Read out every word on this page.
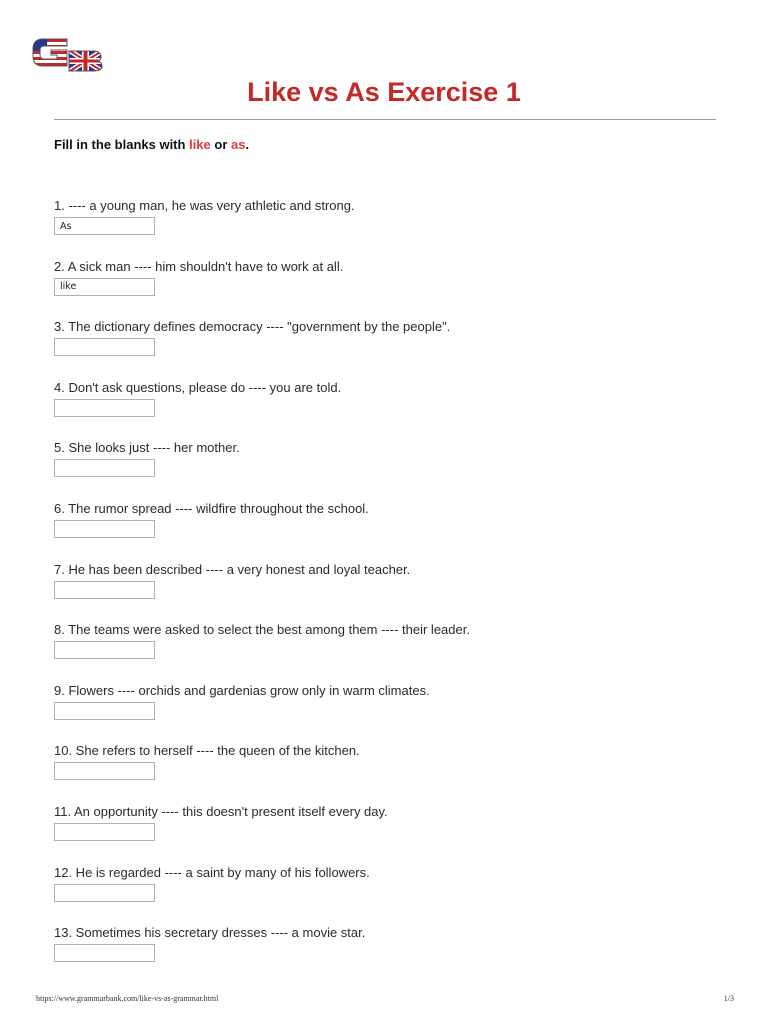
Like vs As Exercise 1
Fill in the blanks with like or as.
1. ---- a young man, he was very athletic and strong.
As
2. A sick man ---- him shouldn't have to work at all.
like
3. The dictionary defines democracy ---- "government by the people".
4. Don't ask questions, please do ---- you are told.
5. She looks just ---- her mother.
6. The rumor spread ---- wildfire throughout the school.
7. He has been described ---- a very honest and loyal teacher.
8. The teams were asked to select the best among them ---- their leader.
9. Flowers ---- orchids and gardenias grow only in warm climates.
10. She refers to herself ---- the queen of the kitchen.
11. An opportunity ---- this doesn't present itself every day.
12. He is regarded ---- a saint by many of his followers.
13. Sometimes his secretary dresses ---- a movie star.
https://www.grammarbank.com/like-vs-as-grammar.html	1/3
